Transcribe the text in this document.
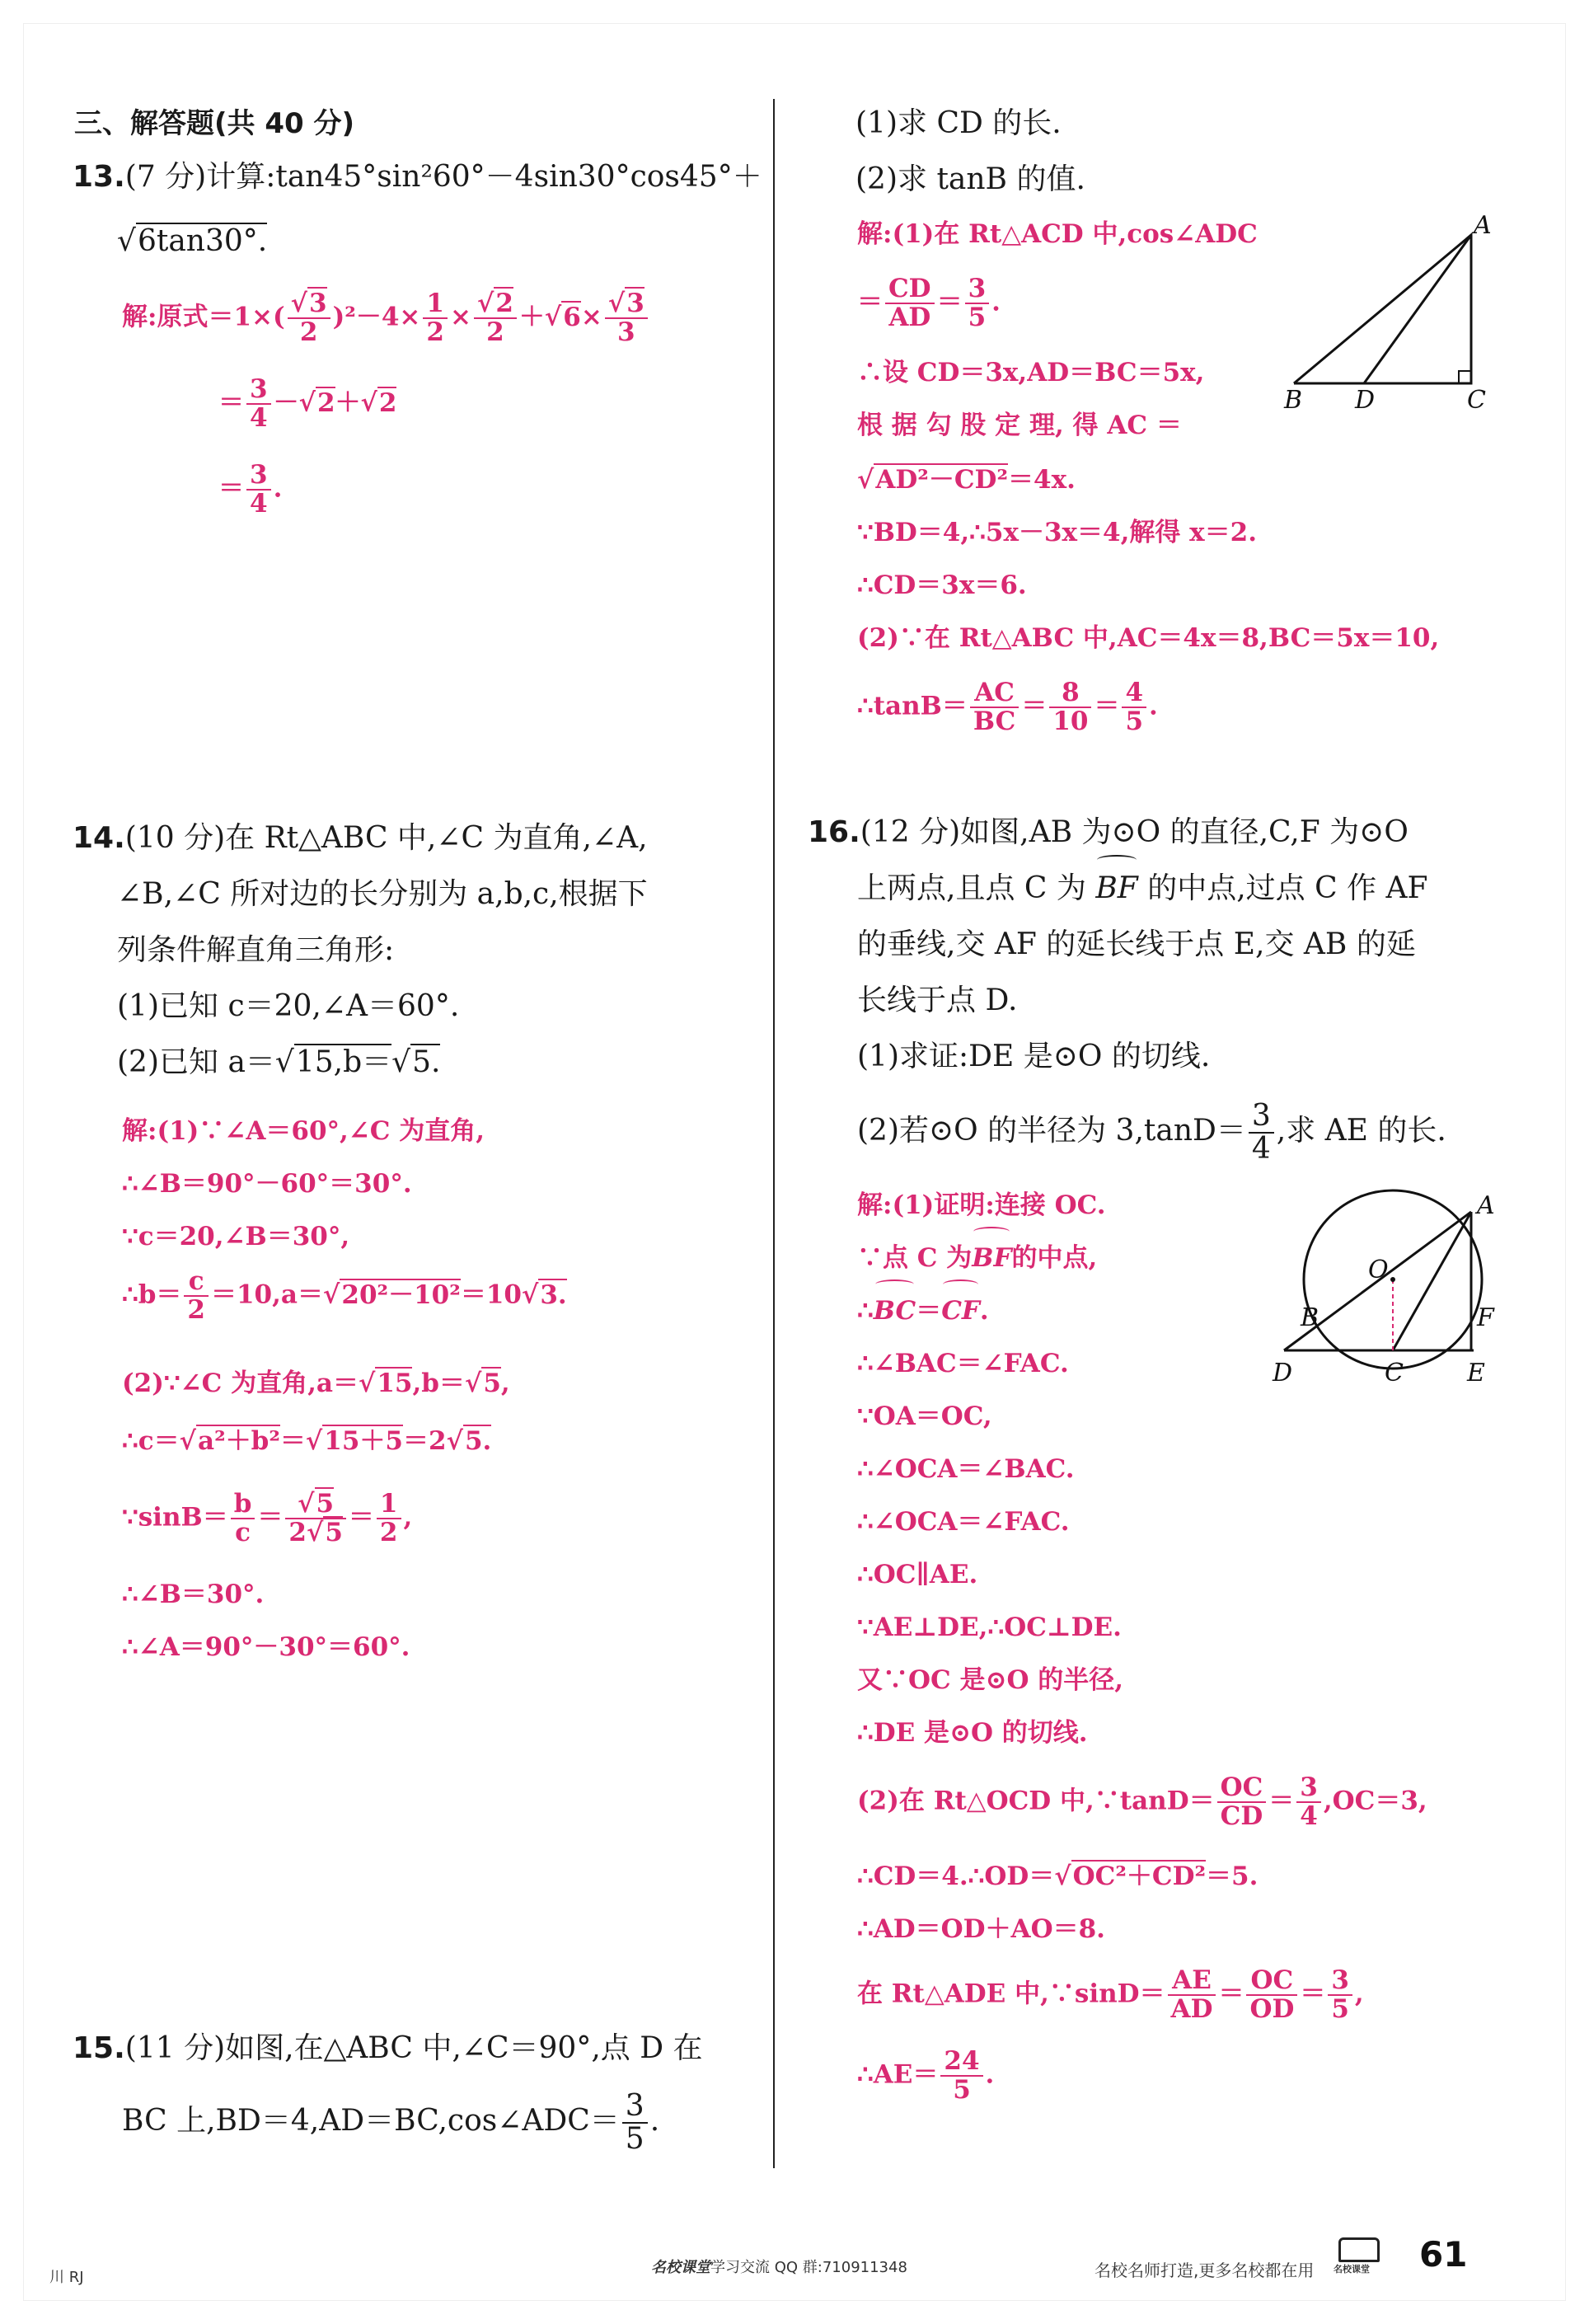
三、解答题(共 40 分)
13.(7 分)计算:tan45°sin²60°－4sin30°cos45°＋
√6tan30°.
解:原式$=1\times( \frac{√3}{2} )^2-4\times \frac{1}{2} \times \frac{√2}{2} +√6\times \frac{√3}{3}$
＝ $\frac{3}{4} -√2+√2$
＝ $\frac{3}{4}$ .
14.(10 分)在 Rt△ABC 中,∠C 为直角,∠A,
∠B,∠C 所对边的长分别为 a,b,c,根据下
列条件解直角三角形:
(1)已知 c＝20,∠A＝60°.
(2)已知 a＝√15,b＝√5.
解:(1)∵∠A＝60°,∠C 为直角,
∴∠B＝90°－60°＝30°.
∵c＝20,∠B＝30°,
∴b＝ $\frac{c}{2} =10,a=√20^2-10^2=10√3$.
(2)∵∠C 为直角,a＝√15,b＝√5,
∴c＝√a²＋b²＝√15＋5＝2√5.
∵sinB＝ $\frac{b}{c} = \frac{√5}{2√5} = \frac{1}{2}$ ,
∴∠B＝30°.
∴∠A＝90°－30°＝60°.
15.(11 分)如图,在△ABC 中,∠C＝90°,点 D 在
BC 上,BD＝4,AD＝BC,cos∠ADC＝ $\frac{3}{5}$ .
(1)求 CD 的长.
(2)求 tanB 的值.
解:(1)在 Rt△ACD 中,cos∠ADC
＝ $\frac{CD}{AD} = \frac{3}{5}$ .
∴设 CD＝3x,AD＝BC＝5x,
根 据 勾 股 定 理, 得 AC ＝
√AD²－CD²＝4x.
∵BD＝4,∴5x－3x＝4,解得 x＝2.
∴CD＝3x＝6.
(2)∵在 Rt△ABC 中,AC＝4x＝8,BC＝5x＝10,
∴tanB＝ $\frac{AC}{BC} = \frac{8}{10} = \frac{4}{5}$ .
A
B D	C
16.(12 分)如图,AB 为⊙O 的直径,C,F 为⊙O
上两点,且点 C 为 BF 的中点,过点 C 作 AF
的垂线,交 AF 的延长线于点 E,交 AB 的延
长线于点 D.
(1)求证:DE 是⊙O 的切线.
(2)若⊙O 的半径为 $3,\tan D= \frac{3}{4}$ ,求 AE 的长.
解:(1)证明:连接 OC.
∵点 C 为BF的中点,
∴BC＝CF.
∴∠BAC＝∠FAC.
∵OA＝OC,
∴∠OCA＝∠BAC.
∴∠OCA＝∠FAC.
∴OC∥AE.
∵AE⊥DE,∴OC⊥DE.
又∵OC 是⊙O 的半径,
∴DE 是⊙O 的切线.
(2)在 Rt△OCD 中,∵tanD＝ $\frac{OC}{CD} = \frac{3}{4} ,OC=3$,
∴CD＝4.∴OD＝√OC²＋CD²＝5.
∴AD＝OD＋AO＝8.
在 Rt△ADE 中,∵sinD＝ $\frac{AE}{AD} = \frac{OC}{OD} = \frac{3}{5}$ ,
∴AE＝ $\frac{24}{5}$ .
A
O
B	F
D	C	E
川 RJ
名校课堂学习交流 QQ 群:710911348	名校名师打造,更多名校都在用 名校课堂 61
